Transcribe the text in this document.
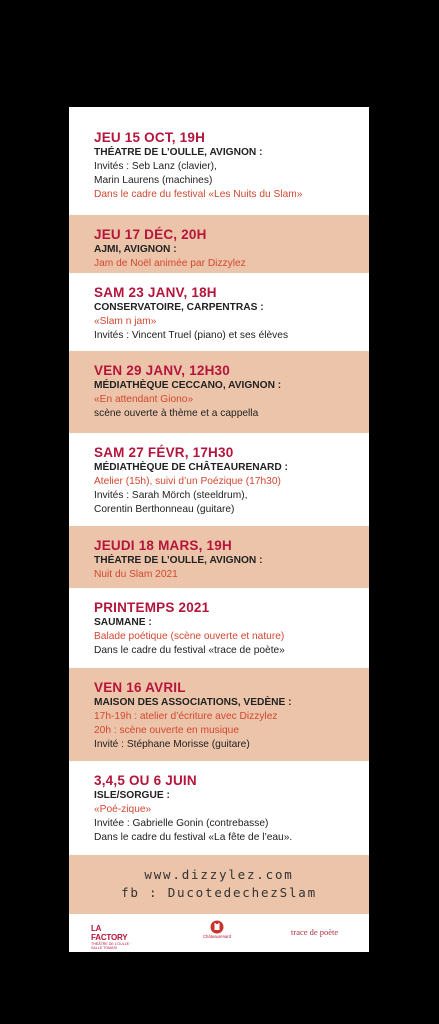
JEU 15 OCT, 19H
THÉATRE DE L’OULLE, AVIGNON :
Invités : Seb Lanz (clavier),
Marin Laurens (machines)
Dans le cadre du festival «Les Nuits du Slam»
JEU 17 DÉC, 20H
AJMI, AVIGNON :
Jam de Noël animée par Dizzylez
SAM 23 JANV, 18H
CONSERVATOIRE, CARPENTRAS :
«Slam n jam»
Invités : Vincent Truel (piano) et ses élèves
VEN 29 JANV, 12H30
MÉDIATHÈQUE CECCANO, AVIGNON :
«En attendant Giono»
scène ouverte à thème et a cappella
SAM 27 FÉVR, 17H30
MÉDIATHÈQUE DE CHÂTEAURENARD :
Atelier (15h), suivi d’un Poézique (17h30)
Invités : Sarah Mörch (steeldrum),
Corentin Berthonneau (guitare)
JEUDI 18 MARS, 19H
THÉATRE DE L’OULLE, AVIGNON :
Nuit du Slam 2021
PRINTEMPS 2021
SAUMANE :
Balade poétique (scène ouverte et nature)
Dans le cadre du festival «trace de poète»
VEN 16 AVRIL
MAISON DES ASSOCIATIONS, VEDÈNE :
17h-19h : atelier d’écriture avec Dizzylez
20h : scène ouverte en musique
Invité : Stéphane Morisse (guitare)
3,4,5 OU 6 JUIN
ISLE/SORGUE :
«Poé-zique»
Invitée : Gabrielle Gonin (contrebasse)
Dans le cadre du festival «La fête de l’eau».
www.dizzylez.com
fb : DucotedechezSlam
LA FACTORY
THÉÂTRE DE L’OULLE · SALLE TOMASI
Châteaurenard	trace de poète
